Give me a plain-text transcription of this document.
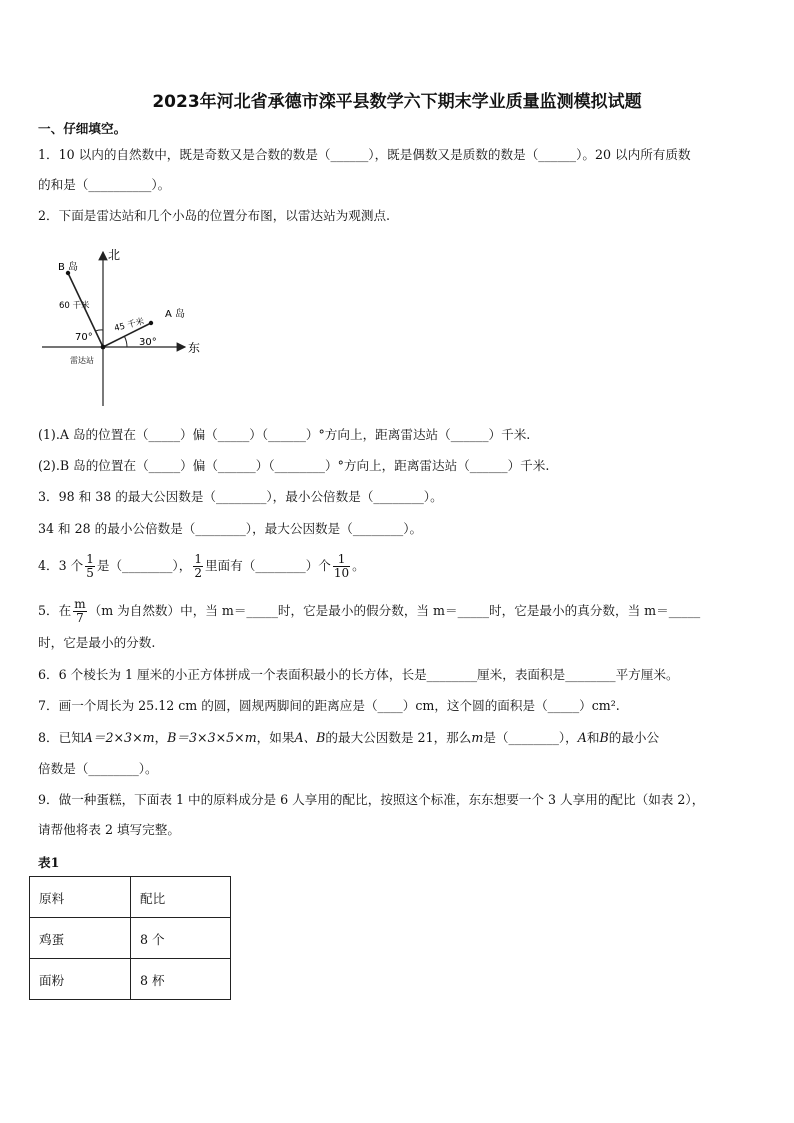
2023年河北省承德市滦平县数学六下期末学业质量监测模拟试题
一、仔细填空。
1．10 以内的自然数中，既是奇数又是合数的数是（______），既是偶数又是质数的数是（______）。20 以内所有质数
的和是（__________）。
2．下面是雷达站和几个小岛的位置分布图，以雷达站为观测点.
北
东
B 岛
A 岛
60 千米
45 千米
70°	30°
雷达站
(1).A 岛的位置在（_____）偏（_____）（______）°方向上，距离雷达站（______）千米.
(2).B 岛的位置在（_____）偏（______）（________）°方向上，距离雷达站（______）千米.
3．98 和 38 的最大公因数是（________），最小公倍数是（________）。
34 和 28 的最小公倍数是（________），最大公因数是（________）。
4．3 个 $\frac{1}{5}$ 是（________）， $\frac{1}{2}$ 里面有（________）个 $\frac{1}{10}$ 。
5．在 $\frac{m}{7} (m$ 为自然数）中，当 m＝_____时，它是最小的假分数，当 m＝_____时，它是最小的真分数，当 m＝_____
时，它是最小的分数.
6．6 个棱长为 1 厘米的小正方体拼成一个表面积最小的长方体，长是________厘米，表面积是________平方厘米。
7．画一个周长为 25.12 cm 的圆，圆规两脚间的距离应是（____）cm，这个圆的面积是（_____）cm².
8．已知A＝2×3×m，B＝3×3×5×m，如果A、B的最大公因数是 21，那么m是（________），A和B的最小公
倍数是（________）。
9．做一种蛋糕，下面表 1 中的原料成分是 6 人享用的配比，按照这个标准，东东想要一个 3 人享用的配比（如表 2），
请帮他将表 2 填写完整。
表1
原料	配比
鸡蛋	8 个
面粉	8 杯
